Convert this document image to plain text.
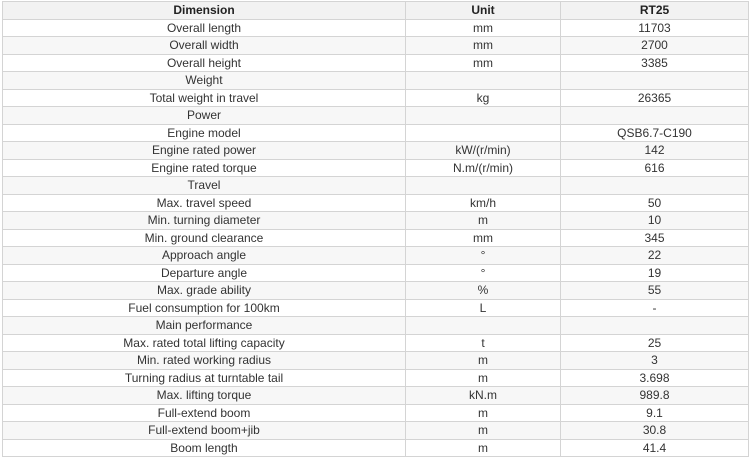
Dimension	Unit	RT25
Overall length	mm	11703
Overall width	mm	2700
Overall height	mm	3385
Weight		
Total weight in travel	kg	26365
Power		
Engine model		QSB6.7-C190
Engine rated power	kW/(r/min)	142
Engine rated torque	N.m/(r/min)	616
Travel		
Max. travel speed	km/h	50
Min. turning diameter	m	10
Min. ground clearance	mm	345
Approach angle	°	22
Departure angle	°	19
Max. grade ability	%	55
Fuel consumption for 100km	L	-
Main performance		
Max. rated total lifting capacity	t	25
Min. rated working radius	m	3
Turning radius at turntable tail	m	3.698
Max. lifting torque	kN.m	989.8
Full-extend boom	m	9.1
Full-extend boom+jib	m	30.8
Boom length	m	41.4
